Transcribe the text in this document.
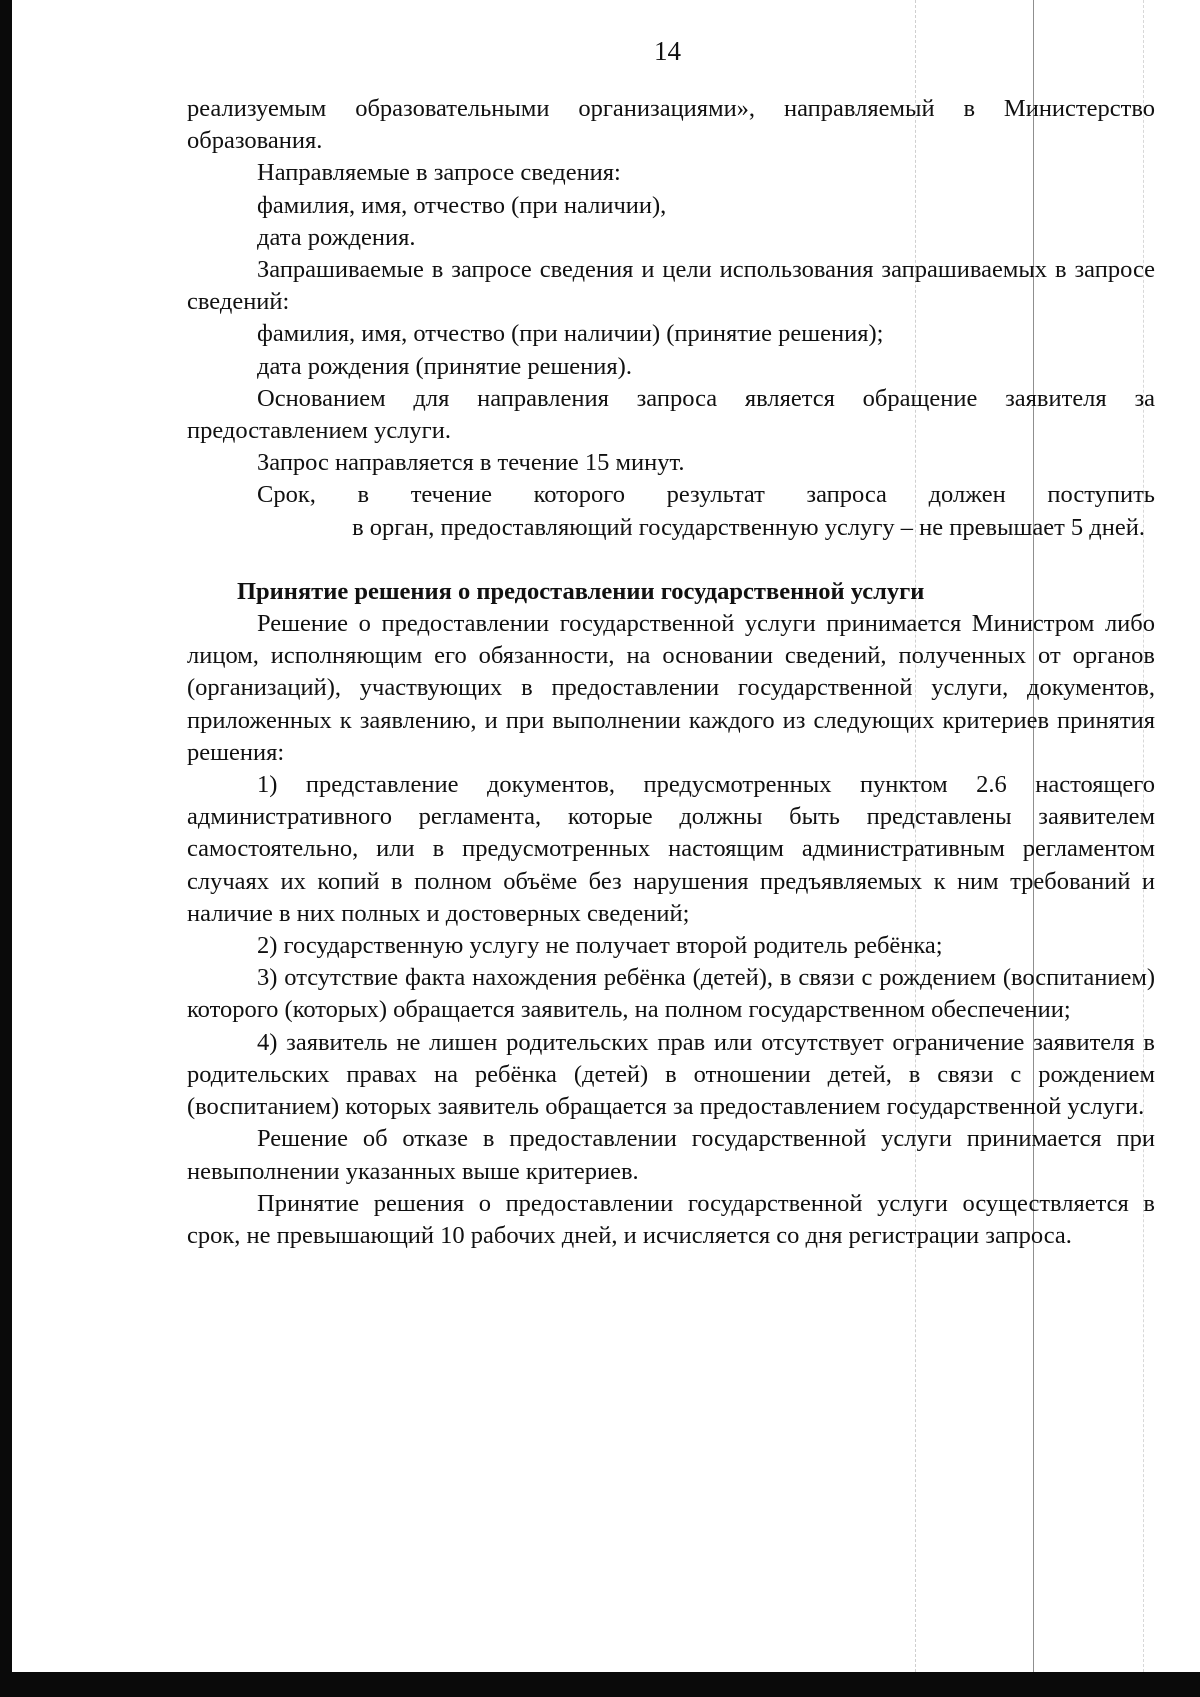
14

реализуемым образовательными организациями», направляемый в Министерство образования.

Направляемые в запросе сведения:

фамилия, имя, отчество (при наличии),

дата рождения.

Запрашиваемые в запросе сведения и цели использования запрашиваемых в запросе сведений:

фамилия, имя, отчество (при наличии) (принятие решения);

дата рождения (принятие решения).

Основанием для направления запроса является обращение заявителя за предоставлением услуги.

Запрос направляется в течение 15 минут.

Срок, в течение которого результат запроса должен поступить

в орган, предоставляющий государственную услугу – не превышает 5 дней.

Принятие решения о предоставлении государственной услуги

Решение о предоставлении государственной услуги принимается Министром либо лицом, исполняющим его обязанности, на основании сведений, полученных от органов (организаций), участвующих в предоставлении государственной услуги, документов, приложенных к заявлению, и при выполнении каждого из следующих критериев принятия решения:

1) представление документов, предусмотренных пунктом 2.6 настоящего административного регламента, которые должны быть представлены заявителем самостоятельно, или в предусмотренных настоящим административным регламентом случаях их копий в полном объёме без нарушения предъявляемых к ним требований и наличие в них полных и достоверных сведений;

2) государственную услугу не получает второй родитель ребёнка;

3) отсутствие факта нахождения ребёнка (детей), в связи с рождением (воспитанием) которого (которых) обращается заявитель, на полном государственном обеспечении;

4) заявитель не лишен родительских прав или отсутствует ограничение заявителя в родительских правах на ребёнка (детей) в отношении детей, в связи с рождением (воспитанием) которых заявитель обращается за предоставлением государственной услуги.

Решение об отказе в предоставлении государственной услуги принимается при невыполнении указанных выше критериев.

Принятие решения о предоставлении государственной услуги осуществляется в срок, не превышающий 10 рабочих дней, и исчисляется со дня регистрации запроса.
